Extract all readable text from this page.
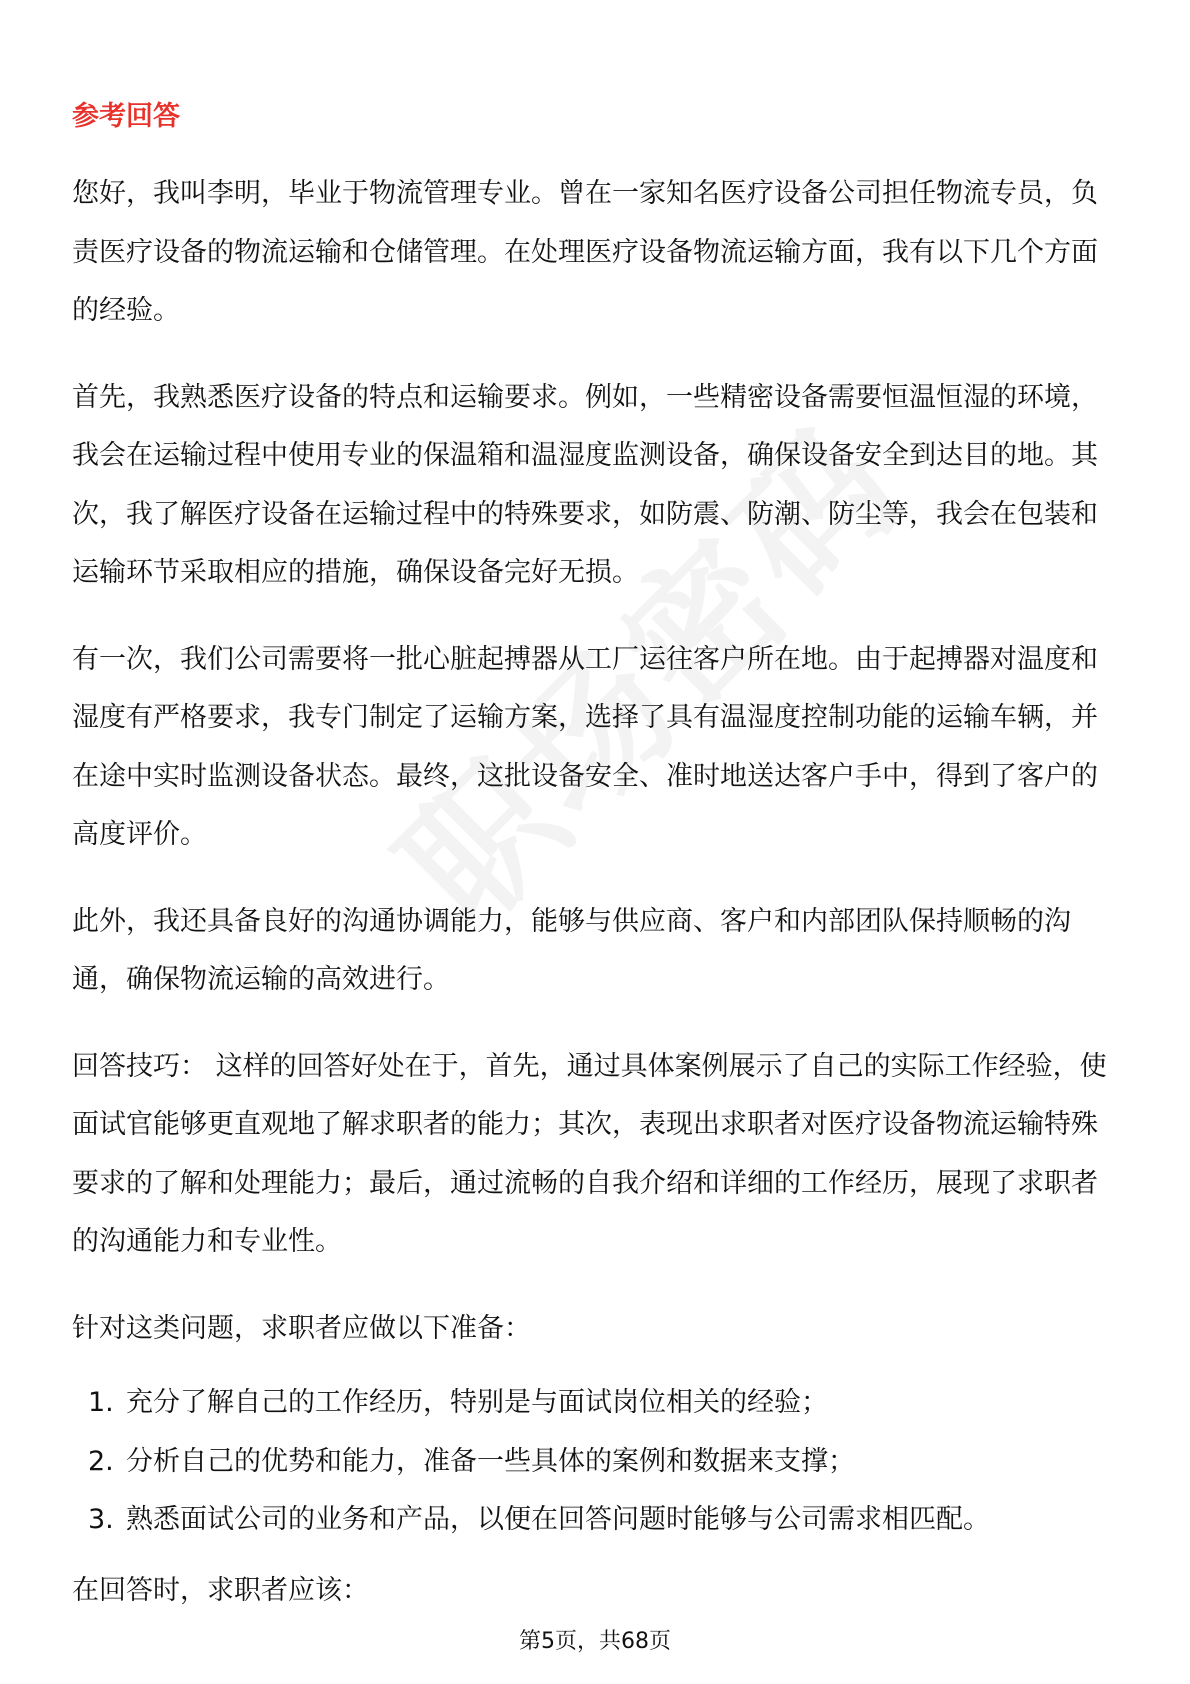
参考回答

您好，我叫李明，毕业于物流管理专业。曾在一家知名医疗设备公司担任物流专员，负责医疗设备的物流运输和仓储管理。在处理医疗设备物流运输方面，我有以下几个方面的经验。

首先，我熟悉医疗设备的特点和运输要求。例如，一些精密设备需要恒温恒湿的环境，我会在运输过程中使用专业的保温箱和温湿度监测设备，确保设备安全到达目的地。其次，我了解医疗设备在运输过程中的特殊要求，如防震、防潮、防尘等，我会在包装和运输环节采取相应的措施，确保设备完好无损。

有一次，我们公司需要将一批心脏起搏器从工厂运往客户所在地。由于起搏器对温度和湿度有严格要求，我专门制定了运输方案，选择了具有温湿度控制功能的运输车辆，并在途中实时监测设备状态。最终，这批设备安全、准时地送达客户手中，得到了客户的高度评价。

此外，我还具备良好的沟通协调能力，能够与供应商、客户和内部团队保持顺畅的沟通，确保物流运输的高效进行。

回答技巧： 这样的回答好处在于，首先，通过具体案例展示了自己的实际工作经验，使面试官能够更直观地了解求职者的能力；其次，表现出求职者对医疗设备物流运输特殊要求的了解和处理能力；最后，通过流畅的自我介绍和详细的工作经历，展现了求职者的沟通能力和专业性。

针对这类问题，求职者应做以下准备：

1. 充分了解自己的工作经历，特别是与面试岗位相关的经验；
2. 分析自己的优势和能力，准备一些具体的案例和数据来支撑；
3. 熟悉面试公司的业务和产品，以便在回答问题时能够与公司需求相匹配。

在回答时，求职者应该：

第5页，共68页
